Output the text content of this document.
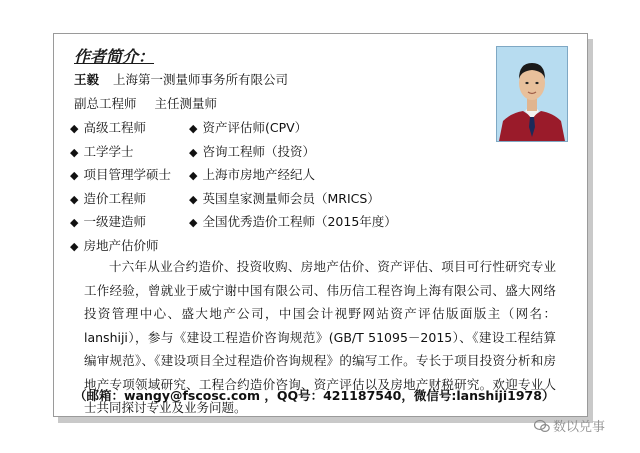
作者简介：
王毅 上海第一测量师事务所有限公司
副总工程师 主任测量师
◆ 高级工程师
◆ 工学学士
◆ 项目管理学硕士
◆ 造价工程师
◆ 一级建造师
◆ 房地产估价师
◆ 资产评估师(CPV）
◆ 咨询工程师（投资）
◆ 上海市房地产经纪人
◆ 英国皇家测量师会员（MRICS）
◆ 全国优秀造价工程师（2015年度）
十六年从业合约造价、投资收购、房地产估价、资产评估、项目可行性研究专业工作经验，曾就业于威宁谢中国有限公司、伟历信工程咨询上海有限公司、盛大网络投资管理中心、盛大地产公司，中国会计视野网站资产评估版面版主（网名：lanshiji），参与《建设工程造价咨询规范》(GB/T 51095－2015）、《建设工程结算编审规范》、《建设项目全过程造价咨询规程》的编写工作。专长于项目投资分析和房地产专项领域研究、工程合约造价咨询、资产评估以及房地产财税研究。欢迎专业人士共同探讨专业及业务问题。
（邮箱：wangy@fscosc.com ，QQ号：421187540，微信号:lanshiji1978）
数以兑事
